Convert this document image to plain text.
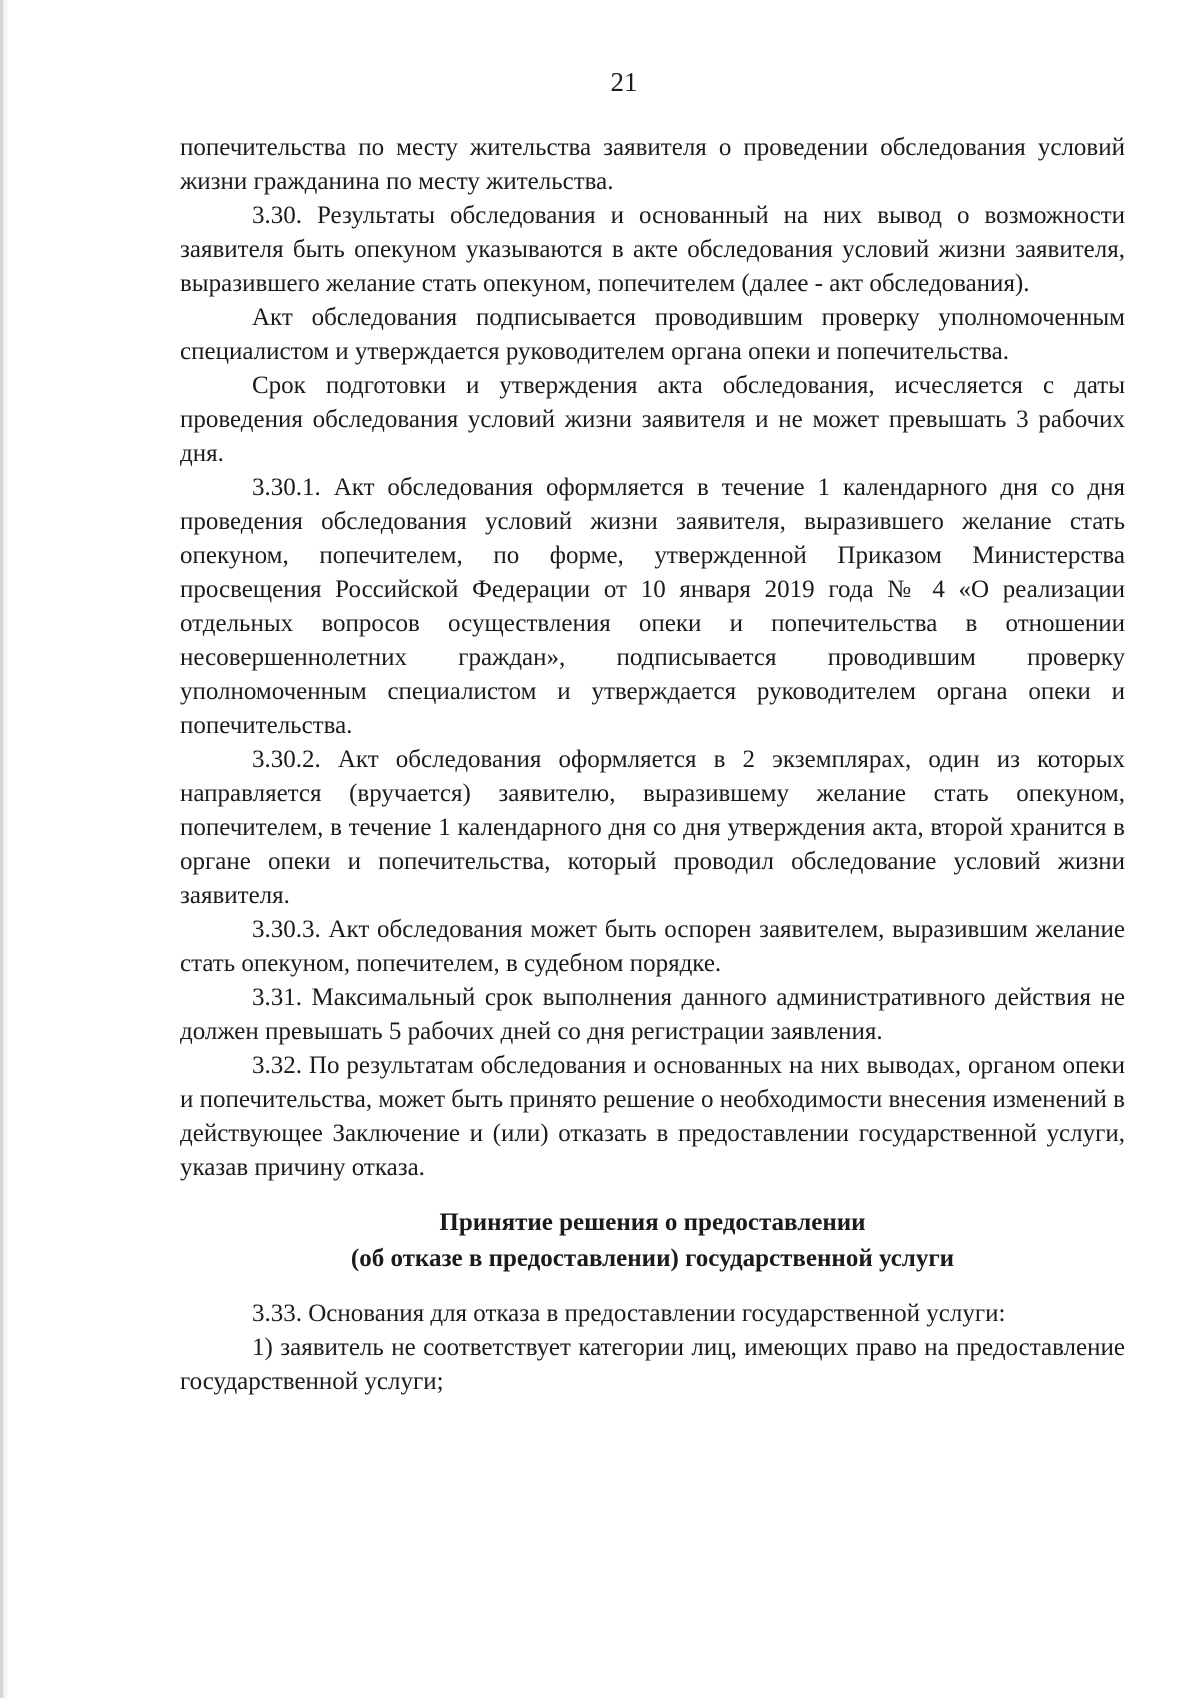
21

попечительства по месту жительства заявителя о проведении обследования условий жизни гражданина по месту жительства.

3.30. Результаты обследования и основанный на них вывод о возможности заявителя быть опекуном указываются в акте обследования условий жизни заявителя, выразившего желание стать опекуном, попечителем (далее - акт обследования).

Акт обследования подписывается проводившим проверку уполномоченным специалистом и утверждается руководителем органа опеки и попечительства.

Срок подготовки и утверждения акта обследования, исчесляется с даты проведения обследования условий жизни заявителя и не может превышать 3 рабочих дня.

3.30.1. Акт обследования оформляется в течение 1 календарного дня со дня проведения обследования условий жизни заявителя, выразившего желание стать опекуном, попечителем, по форме, утвержденной Приказом Министерства просвещения Российской Федерации от 10 января 2019 года № 4 «О реализации отдельных вопросов осуществления опеки и попечительства в отношении несовершеннолетних граждан», подписывается проводившим проверку уполномоченным специалистом и утверждается руководителем органа опеки и попечительства.

3.30.2. Акт обследования оформляется в 2 экземплярах, один из которых направляется (вручается) заявителю, выразившему желание стать опекуном, попечителем, в течение 1 календарного дня со дня утверждения акта, второй хранится в органе опеки и попечительства, который проводил обследование условий жизни заявителя.

3.30.3. Акт обследования может быть оспорен заявителем, выразившим желание стать опекуном, попечителем, в судебном порядке.

3.31. Максимальный срок выполнения данного административного действия не должен превышать 5 рабочих дней со дня регистрации заявления.

3.32. По результатам обследования и основанных на них выводах, органом опеки и попечительства, может быть принято решение о необходимости внесения изменений в действующее Заключение и (или) отказать в предоставлении государственной услуги, указав причину отказа.

Принятие решения о предоставлении
(об отказе в предоставлении) государственной услуги

3.33. Основания для отказа в предоставлении государственной услуги:

1) заявитель не соответствует категории лиц, имеющих право на предоставление государственной услуги;
